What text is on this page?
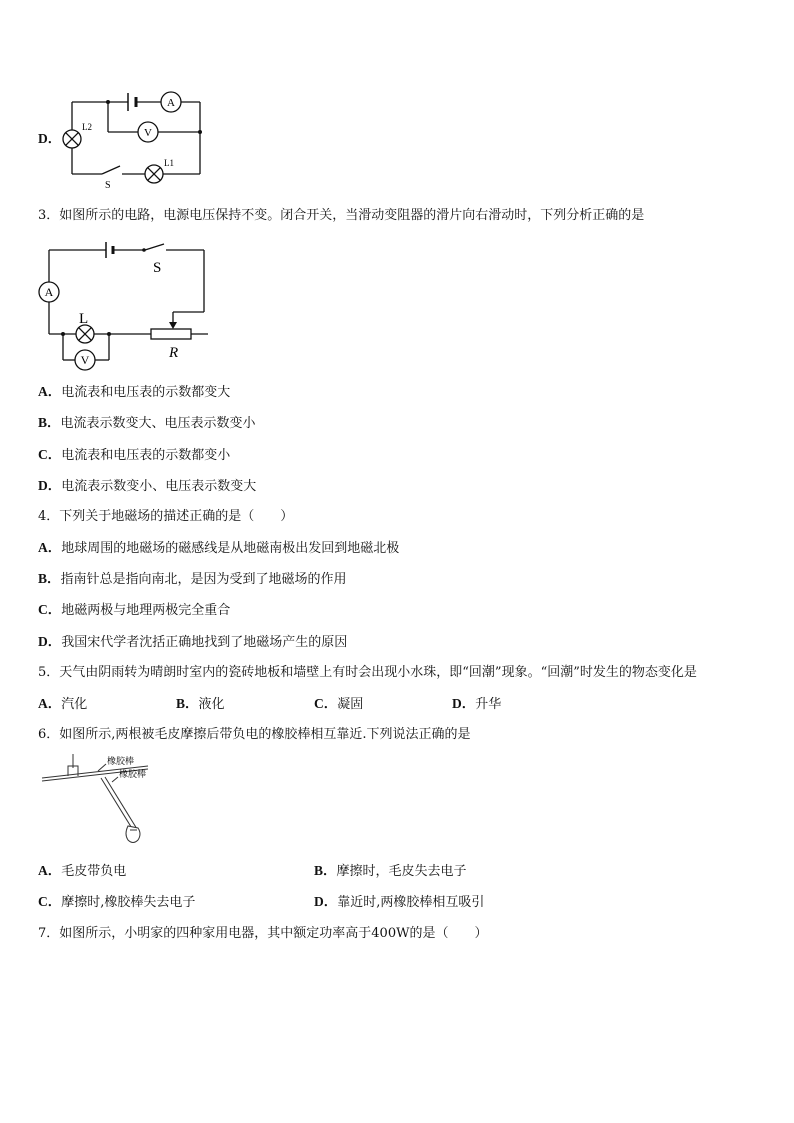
D．
A
V
L2
L1
S
3．如图所示的电路，电源电压保持不变。闭合开关，当滑动变阻器的滑片向右滑动时，下列分析正确的是
R
A
L
V
S
A．电流表和电压表的示数都变大
B．电流表示数变大、电压表示数变小
C．电流表和电压表的示数都变小
D．电流表示数变小、电压表示数变大
4．下列关于地磁场的描述正确的是（　　）
A．地球周围的地磁场的磁感线是从地磁南极出发回到地磁北极
B．指南针总是指向南北，是因为受到了地磁场的作用
C．地磁两极与地理两极完全重合
D．我国宋代学者沈括正确地找到了地磁场产生的原因
5．天气由阴雨转为晴朗时室内的瓷砖地板和墙壁上有时会出现小水珠，即“回潮”现象。“回潮”时发生的物态变化是
A．汽化	B．液化	C．凝固	D．升华
6．如图所示,两根被毛皮摩擦后带负电的橡胶棒相互靠近.下列说法正确的是
橡胶棒
橡胶棒
A．毛皮带负电	B．摩擦时，毛皮失去电子
C．摩擦时,橡胶棒失去电子	D．靠近时,两橡胶棒相互吸引
7．如图所示，小明家的四种家用电器，其中额定功率高于400W的是（　　）
